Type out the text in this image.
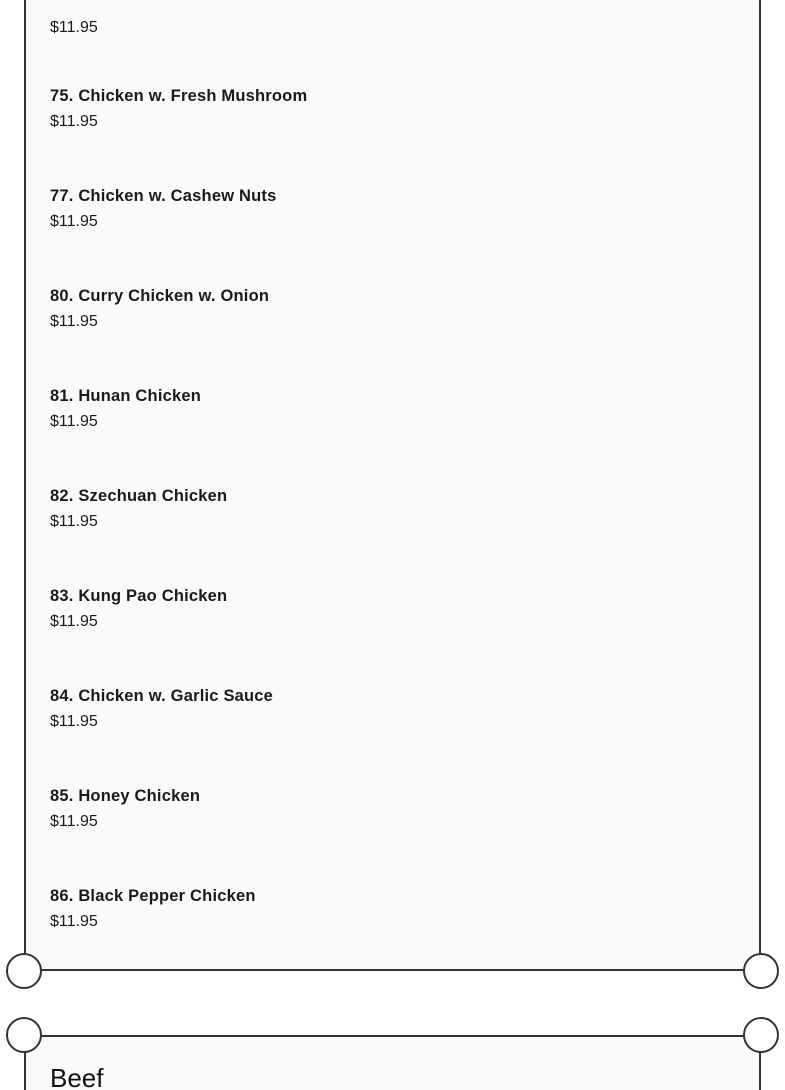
$11.95
75. Chicken w. Fresh Mushroom
$11.95
77. Chicken w. Cashew Nuts
$11.95
80. Curry Chicken w. Onion
$11.95
81. Hunan Chicken
$11.95
82. Szechuan Chicken
$11.95
83. Kung Pao Chicken
$11.95
84. Chicken w. Garlic Sauce
$11.95
85. Honey Chicken
$11.95
86. Black Pepper Chicken
$11.95
Beef
